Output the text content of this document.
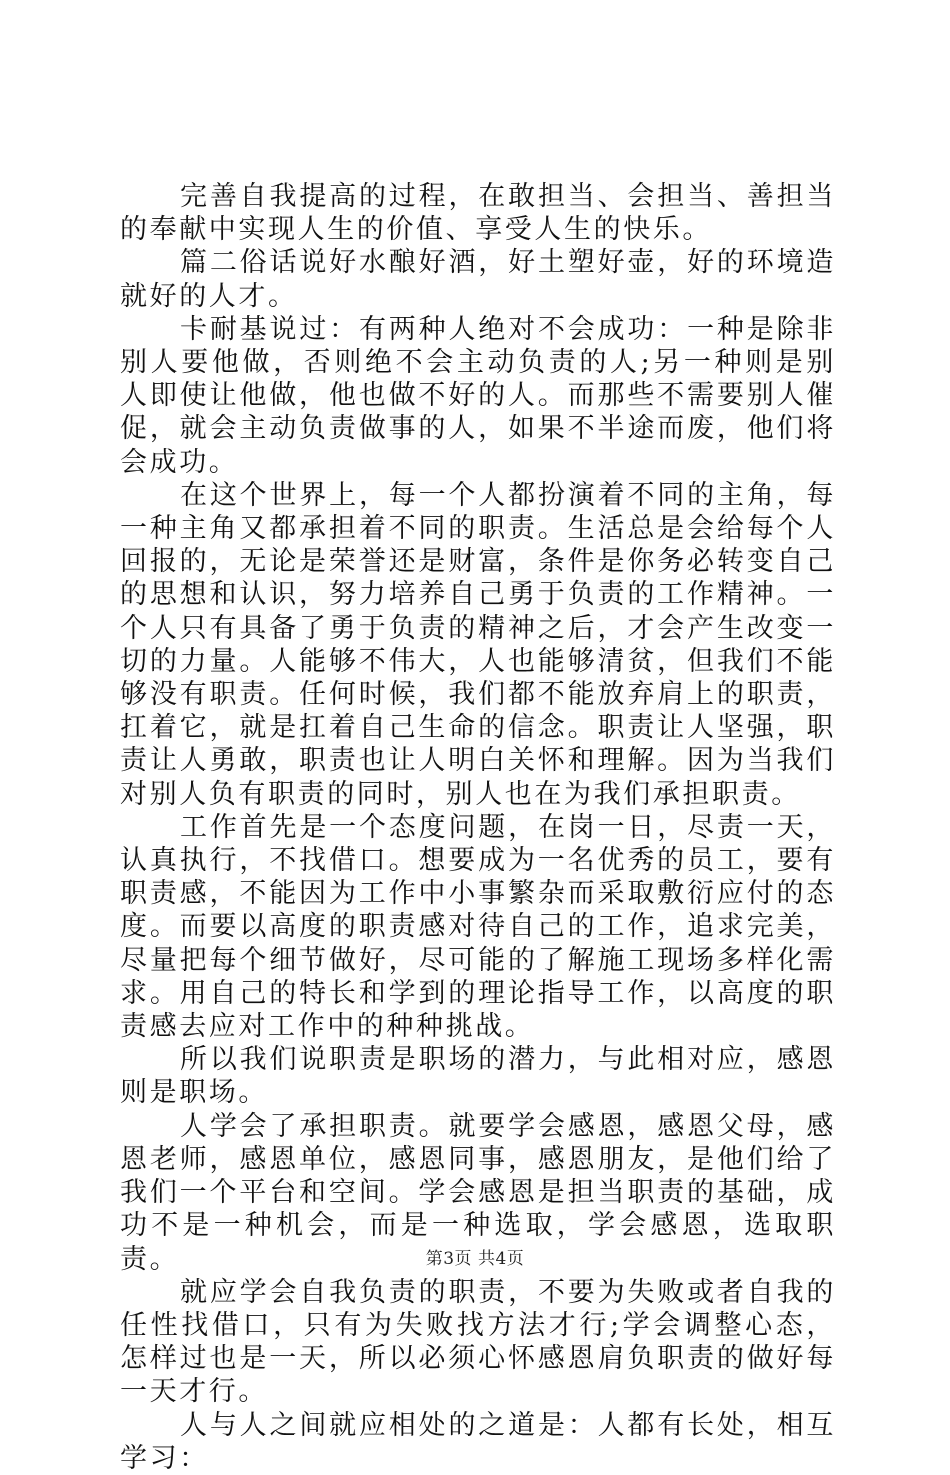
完善自我提高的过程，在敢担当、会担当、善担当的奉献中实现人生的价值、享受人生的快乐。

篇二俗话说好水酿好酒，好土塑好壶，好的环境造就好的人才。

卡耐基说过：有两种人绝对不会成功：一种是除非别人要他做，否则绝不会主动负责的人;另一种则是别人即使让他做，他也做不好的人。而那些不需要别人催促，就会主动负责做事的人，如果不半途而废，他们将会成功。

在这个世界上，每一个人都扮演着不同的主角，每一种主角又都承担着不同的职责。生活总是会给每个人回报的，无论是荣誉还是财富，条件是你务必转变自己的思想和认识，努力培养自己勇于负责的工作精神。一个人只有具备了勇于负责的精神之后，才会产生改变一切的力量。人能够不伟大，人也能够清贫，但我们不能够没有职责。任何时候，我们都不能放弃肩上的职责，扛着它，就是扛着自己生命的信念。职责让人坚强，职责让人勇敢，职责也让人明白关怀和理解。因为当我们对别人负有职责的同时，别人也在为我们承担职责。

工作首先是一个态度问题，在岗一日，尽责一天，认真执行，不找借口。想要成为一名优秀的员工，要有职责感，不能因为工作中小事繁杂而采取敷衍应付的态度。而要以高度的职责感对待自己的工作，追求完美，尽量把每个细节做好，尽可能的了解施工现场多样化需求。用自己的特长和学到的理论指导工作，以高度的职责感去应对工作中的种种挑战。

所以我们说职责是职场的潜力，与此相对应，感恩则是职场。

人学会了承担职责。就要学会感恩，感恩父母，感恩老师，感恩单位，感恩同事，感恩朋友，是他们给了我们一个平台和空间。学会感恩是担当职责的基础，成功不是一种机会，而是一种选取，学会感恩，选取职责。

就应学会自我负责的职责，不要为失败或者自我的任性找借口，只有为失败找方法才行;学会调整心态，怎样过也是一天，所以必须心怀感恩肩负职责的做好每一天才行。

人与人之间就应相处的之道是：人都有长处，相互学习：

第3页 共4页
